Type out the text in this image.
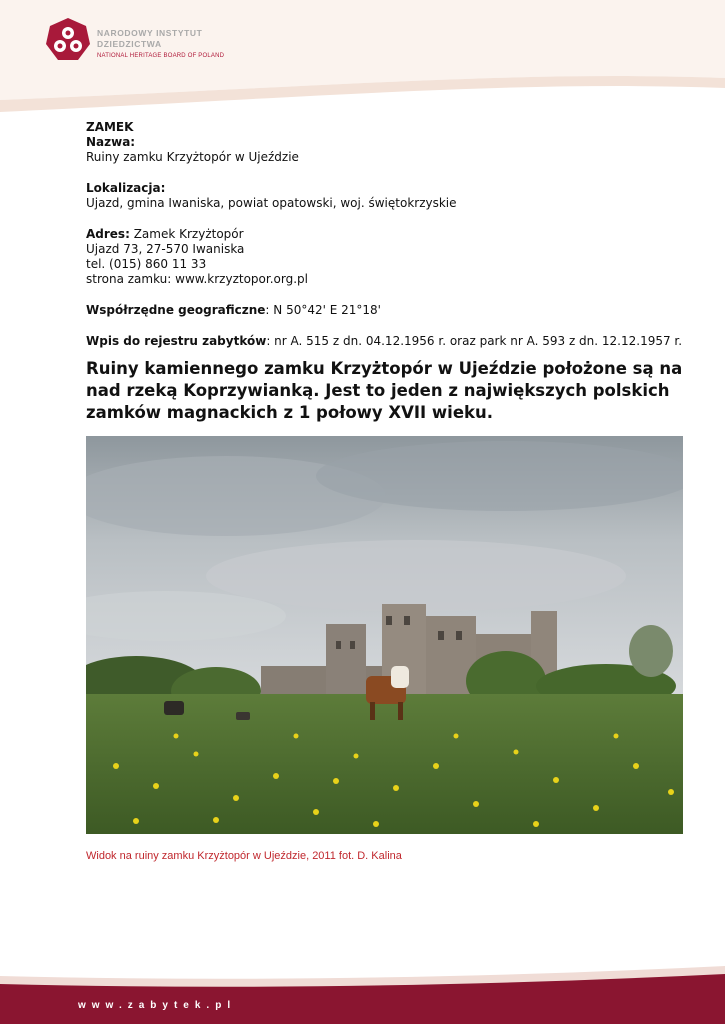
NARODOWY INSTYTUT
DZIEDZICTWA
NATIONAL HERITAGE BOARD OF POLAND
ZAMEK
Nazwa:
Ruiny zamku Krzyżtopór w Ujeździe
Lokalizacja:
Ujazd, gmina Iwaniska, powiat opatowski, woj. świętokrzyskie
Adres: Zamek Krzyżtopór
Ujazd 73, 27-570 Iwaniska
tel. (015) 860 11 33
strona zamku: www.krzyztopor.org.pl
Współrzędne geograficzne: N 50°42' E 21°18'
Wpis do rejestru zabytków: nr A. 515 z dn. 04.12.1956 r. oraz park nr A. 593 z dn. 12.12.1957 r.
Ruiny kamiennego zamku Krzyżtopór w Ujeździe położone są na nad rzeką Koprzywianką. Jest to jeden z największych polskich zamków magnackich z 1 połowy XVII wieku.
Widok na ruiny zamku Krzyżtopór w Ujeździe, 2011 fot. D. Kalina
www.zabytek.pl
